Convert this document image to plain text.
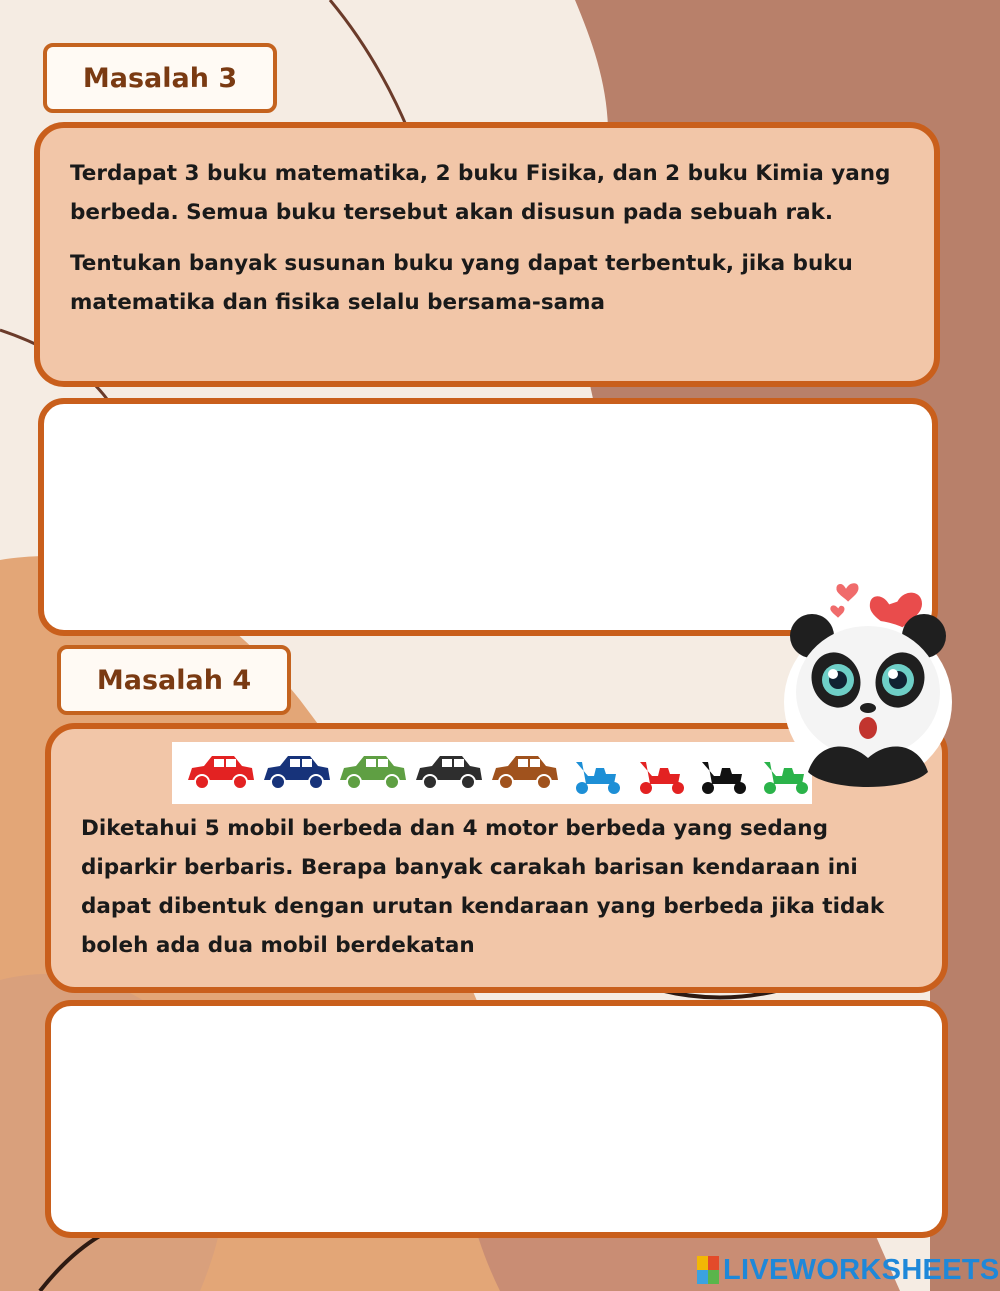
Masalah 3

Terdapat 3 buku matematika, 2 buku Fisika, dan 2 buku Kimia yang berbeda. Semua buku tersebut akan disusun pada sebuah rak.

Tentukan banyak susunan buku yang dapat terbentuk, jika buku matematika dan fisika selalu bersama-sama

Masalah 4

Diketahui 5 mobil berbeda dan 4 motor berbeda yang sedang diparkir berbaris. Berapa banyak carakah barisan kendaraan ini dapat dibentuk dengan urutan kendaraan yang berbeda jika tidak boleh ada dua mobil berdekatan

LIVEWORKSHEETS
